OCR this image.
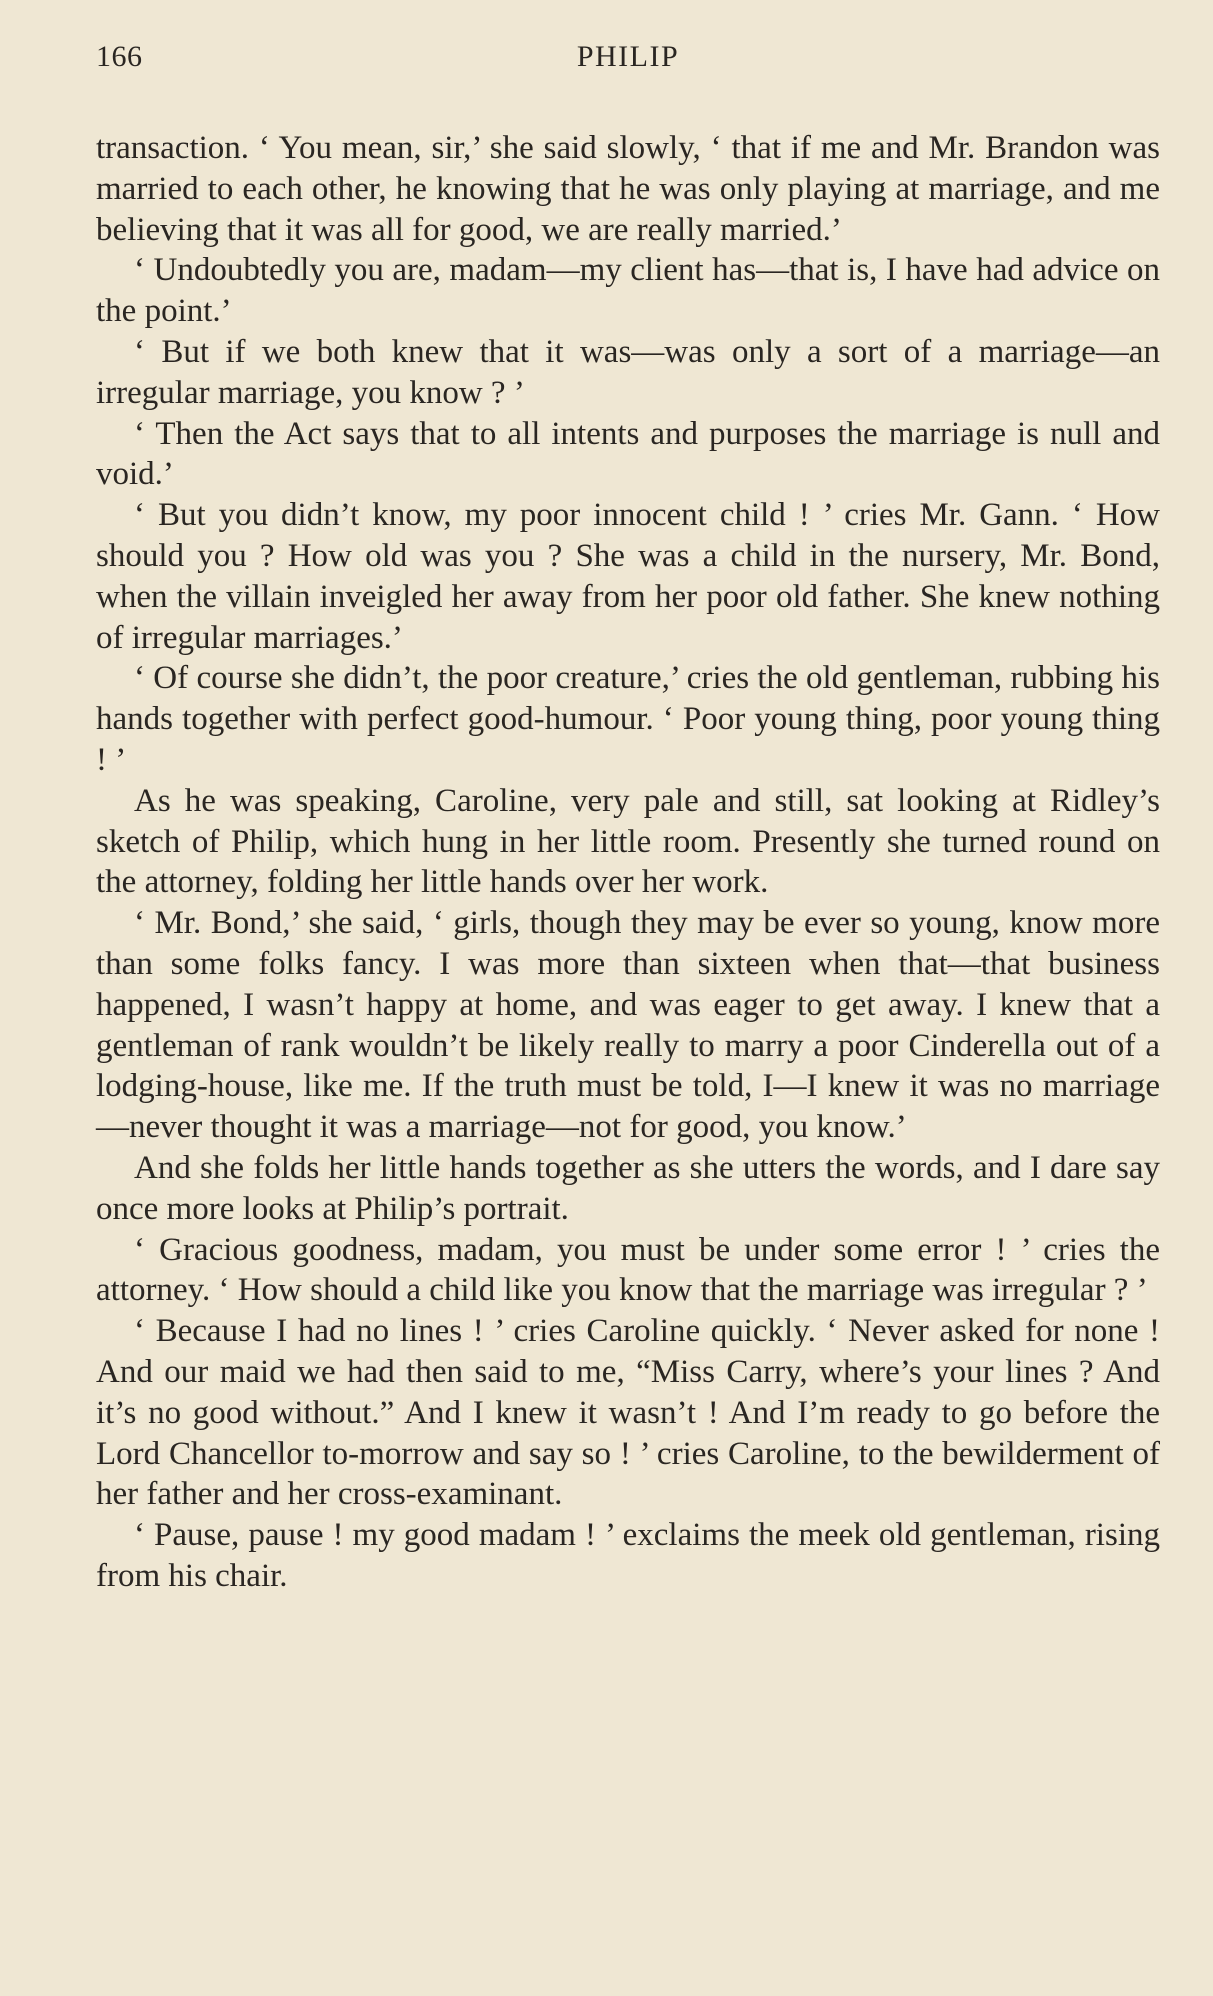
166	PHILIP

transaction. ‘ You mean, sir,’ she said slowly, ‘ that if me and Mr. Brandon was married to each other, he knowing that he was only playing at marriage, and me believing that it was all for good, we are really married.’

‘ Undoubtedly you are, madam—my client has—that is, I have had advice on the point.’

‘ But if we both knew that it was—was only a sort of a marriage—an irregular marriage, you know ? ’

‘ Then the Act says that to all intents and purposes the marriage is null and void.’

‘ But you didn’t know, my poor innocent child ! ’ cries Mr. Gann. ‘ How should you ? How old was you ? She was a child in the nursery, Mr. Bond, when the villain inveigled her away from her poor old father. She knew nothing of irregular marriages.’

‘ Of course she didn’t, the poor creature,’ cries the old gentleman, rubbing his hands together with perfect good-humour. ‘ Poor young thing, poor young thing ! ’

As he was speaking, Caroline, very pale and still, sat looking at Ridley’s sketch of Philip, which hung in her little room. Presently she turned round on the attorney, folding her little hands over her work.

‘ Mr. Bond,’ she said, ‘ girls, though they may be ever so young, know more than some folks fancy. I was more than sixteen when that—that business happened, I wasn’t happy at home, and was eager to get away. I knew that a gentleman of rank wouldn’t be likely really to marry a poor Cinderella out of a lodging-house, like me. If the truth must be told, I—I knew it was no marriage—never thought it was a marriage—not for good, you know.’

And she folds her little hands together as she utters the words, and I dare say once more looks at Philip’s portrait.

‘ Gracious goodness, madam, you must be under some error ! ’ cries the attorney. ‘ How should a child like you know that the marriage was irregular ? ’

‘ Because I had no lines ! ’ cries Caroline quickly. ‘ Never asked for none ! And our maid we had then said to me, “Miss Carry, where’s your lines ? And it’s no good without.” And I knew it wasn’t ! And I’m ready to go before the Lord Chancellor to-morrow and say so ! ’ cries Caroline, to the bewilderment of her father and her cross-examinant.

‘ Pause, pause ! my good madam ! ’ exclaims the meek old gentleman, rising from his chair.
